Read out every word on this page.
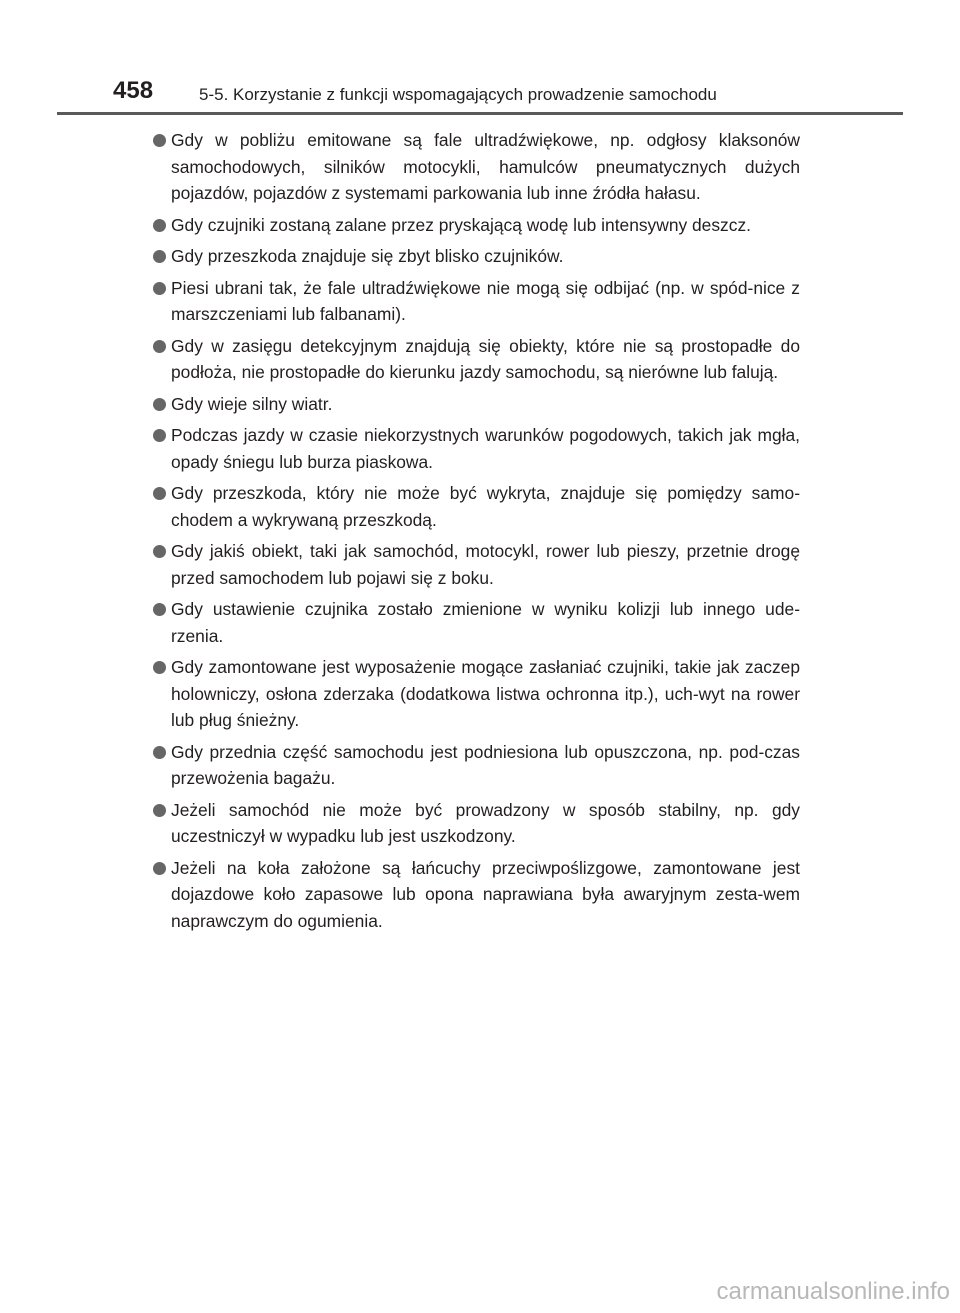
458	5-5. Korzystanie z funkcji wspomagających prowadzenie samochodu
Gdy w pobliżu emitowane są fale ultradźwiękowe, np. odgłosy klaksonów samochodowych, silników motocykli, hamulców pneumatycznych dużych pojazdów, pojazdów z systemami parkowania lub inne źródła hałasu.
Gdy czujniki zostaną zalane przez pryskającą wodę lub intensywny deszcz.
Gdy przeszkoda znajduje się zbyt blisko czujników.
Piesi ubrani tak, że fale ultradźwiękowe nie mogą się odbijać (np. w spód-nice z marszczeniami lub falbanami).
Gdy w zasięgu detekcyjnym znajdują się obiekty, które nie są prostopadłe do podłoża, nie prostopadłe do kierunku jazdy samochodu, są nierówne lub falują.
Gdy wieje silny wiatr.
Podczas jazdy w czasie niekorzystnych warunków pogodowych, takich jak mgła, opady śniegu lub burza piaskowa.
Gdy przeszkoda, który nie może być wykryta, znajduje się pomiędzy samo-chodem a wykrywaną przeszkodą.
Gdy jakiś obiekt, taki jak samochód, motocykl, rower lub pieszy, przetnie drogę przed samochodem lub pojawi się z boku.
Gdy ustawienie czujnika zostało zmienione w wyniku kolizji lub innego ude-rzenia.
Gdy zamontowane jest wyposażenie mogące zasłaniać czujniki, takie jak zaczep holowniczy, osłona zderzaka (dodatkowa listwa ochronna itp.), uch-wyt na rower lub pług śnieżny.
Gdy przednia część samochodu jest podniesiona lub opuszczona, np. pod-czas przewożenia bagażu.
Jeżeli samochód nie może być prowadzony w sposób stabilny, np. gdy uczestniczył w wypadku lub jest uszkodzony.
Jeżeli na koła założone są łańcuchy przeciwpoślizgowe, zamontowane jest dojazdowe koło zapasowe lub opona naprawiana była awaryjnym zesta-wem naprawczym do ogumienia.
carmanualsonline.info
